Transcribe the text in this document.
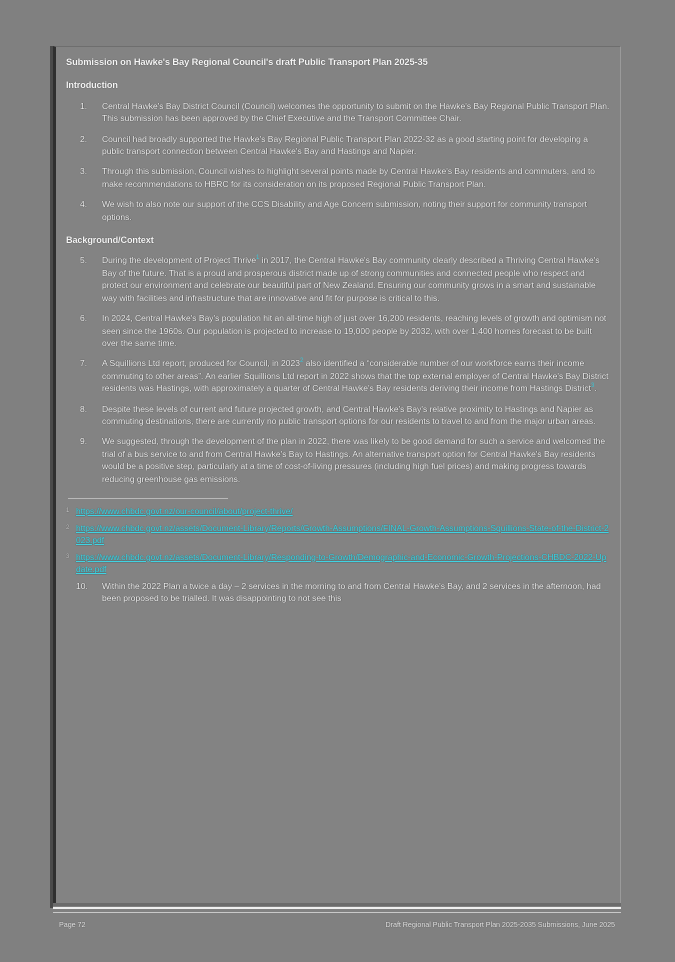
Submission on Hawke's Bay Regional Council's draft Public Transport Plan 2025-35
Introduction
1.	Central Hawke's Bay District Council (Council) welcomes the opportunity to submit on the Hawke's Bay Regional Public Transport Plan. This submission has been approved by the Chief Executive and the Transport Committee Chair.
2.	Council had broadly supported the Hawke's Bay Regional Public Transport Plan 2022-32 as a good starting point for developing a public transport connection between Central Hawke's Bay and Hastings and Napier.
3.	Through this submission, Council wishes to highlight several points made by Central Hawke's Bay residents and commuters, and to make recommendations to HBRC for its consideration on its proposed Regional Public Transport Plan.
4.	We wish to also note our support of the CCS Disability and Age Concern submission, noting their support for community transport options.
Background/Context
5.	During the development of Project Thrive$^1$ in 2017, the Central Hawke's Bay community clearly described a Thriving Central Hawke's Bay of the future. That is a proud and prosperous district made up of strong communities and connected people who respect and protect our environment and celebrate our beautiful part of New Zealand. Ensuring our community grows in a smart and sustainable way with facilities and infrastructure that are innovative and fit for purpose is critical to this.
6.	In 2024, Central Hawke's Bay's population hit an all-time high of just over 16,200 residents, reaching levels of growth and optimism not seen since the 1960s. Our population is projected to increase to 19,000 people by 2032, with over 1,400 homes forecast to be built over the same time.
7.	A Squillions Ltd report, produced for Council, in 2023$^2$ also identified a “considerable number of our workforce earns their income commuting to other areas”. An earlier Squillions Ltd report in 2022 shows that the top external employer of Central Hawke's Bay District residents was Hastings, with approximately a quarter of Central Hawke's Bay residents deriving their income from Hastings District$^3$.
8.	Despite these levels of current and future projected growth, and Central Hawke's Bay's relative proximity to Hastings and Napier as commuting destinations, there are currently no public transport options for our residents to travel to and from the major urban areas.
9.	We suggested, through the development of the plan in 2022, there was likely to be good demand for such a service and welcomed the trial of a bus service to and from Central Hawke's Bay to Hastings. An alternative transport option for Central Hawke's Bay residents would be a positive step, particularly at a time of cost-of-living pressures (including high fuel prices) and making progress towards reducing greenhouse gas emissions.
1 https://www.chbdc.govt.nz/our-council/about/project-thrive/
2 https://www.chbdc.govt.nz/assets/Document-Library/Reports/Growth-Assumptions/FINAL-Growth-Assumptions-Squillions-State-of-the-District-2023.pdf
3 https://www.chbdc.govt.nz/assets/Document-Library/Responding-to-Growth/Demographic-and-Economic-Growth-Projections-CHBDC-2022-Update.pdf
10.	Within the 2022 Plan a twice a day – 2 services in the morning to and from Central Hawke's Bay, and 2 services in the afternoon, had been proposed to be trialled. It was disappointing to not see this
Page 72	Draft Regional Public Transport Plan 2025-2035 Submissions, June 2025
